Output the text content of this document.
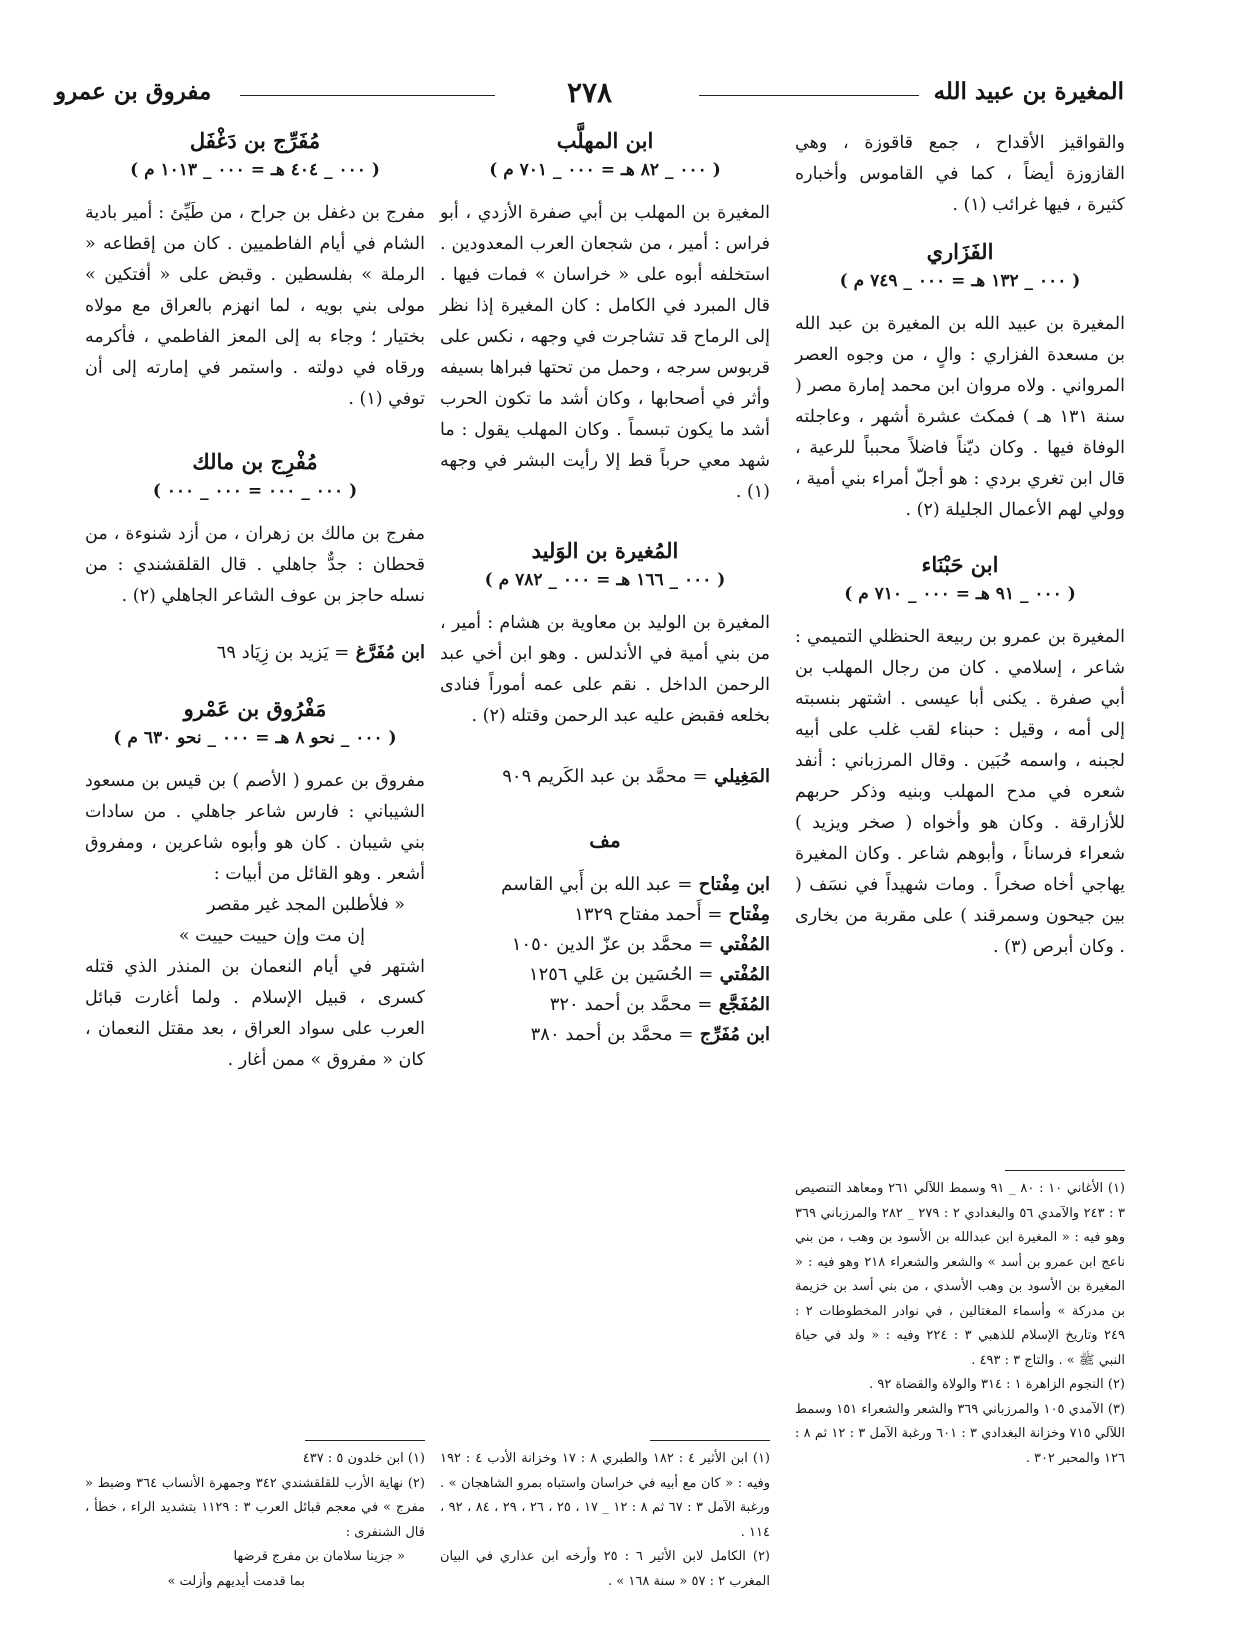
المغيرة بن عبيد الله
٢٧٨
مفروق بن عمرو

والقواقيز الأقداح ، جمع قاقوزة ، وهي القازوزة أيضاً ، كما في القاموس وأخباره كثيرة ، فيها غرائب (١) .

الفَزَاري
( ٠٠٠ _ ١٣٢ هـ = ٠٠٠ _ ٧٤٩ م )

المغيرة بن عبيد الله بن المغيرة بن عبد الله بن مسعدة الفزاري : والٍ ، من وجوه العصر المرواني . ولاه مروان ابن محمد إمارة مصر ( سنة ١٣١ هـ ) فمكث عشرة أشهر ، وعاجلته الوفاة فيها . وكان ديّناً فاضلاً محبباً للرعية ، قال ابن تغري بردي : هو أجلّ أمراء بني أمية ، وولي لهم الأعمال الجليلة (٢) .

ابن حَبْنَاء
( ٠٠٠ _ ٩١ هـ = ٠٠٠ _ ٧١٠ م )

المغيرة بن عمرو بن ربيعة الحنظلي التميمي : شاعر ، إسلامي . كان من رجال المهلب بن أبي صفرة . يكنى أبا عيسى . اشتهر بنسبته إلى أمه ، وقيل : حبناء لقب غلب على أبيه لجبنه ، واسمه حُبَين . وقال المرزباني : أنفد شعره في مدح المهلب وبنيه وذكر حربهم للأزارقة . وكان هو وأخواه ( صخر ويزيد ) شعراء فرساناً ، وأبوهم شاعر . وكان المغيرة يهاجي أخاه صخراً . ومات شهيداً في نسَف ( بين جيحون وسمرقند ) على مقربة من بخارى . وكان أبرص (٣) .

(١) الأغاني ١٠ : ٨٠ _ ٩١ وسمط اللآلي ٢٦١ ومعاهد التنصيص ٣ : ٢٤٣ والآمدي ٥٦ والبغدادي ٢ : ٢٧٩ _ ٢٨٢ والمرزباني ٣٦٩ وهو فيه : « المغيرة ابن عبدالله بن الأسود بن وهب ، من بني ناعج ابن عمرو بن أسد » والشعر والشعراء ٢١٨ وهو فيه : « المغيرة بن الأسود بن وهب الأسدي ، من بني أسد بن خزيمة بن مدركة » وأسماء المغتالين ، في نوادر المخطوطات ٢ : ٢٤٩ وتاريخ الإسلام للذهبي ٣ : ٢٢٤ وفيه : « ولد في حياة النبي ﷺ » . والتاج ٣ : ٤٩٣ .

(٢) النجوم الزاهرة ١ : ٣١٤ والولاة والقضاة ٩٢ .

(٣) الآمدي ١٠٥ والمرزباني ٣٦٩ والشعر والشعراء ١٥١ وسمط اللآلي ٧١٥ وخزانة البغدادي ٣ : ٦٠١ ورغبة الآمل ٣ : ١٢ ثم ٨ : ١٢٦ والمحبر ٣٠٢ .

ابن المهلَّب
( ٠٠٠ _ ٨٢ هـ = ٠٠٠ _ ٧٠١ م )

المغيرة بن المهلب بن أبي صفرة الأزدي ، أبو فراس : أمير ، من شجعان العرب المعدودين . استخلفه أبوه على « خراسان » فمات فيها . قال المبرد في الكامل : كان المغيرة إذا نظر إلى الرماح قد تشاجرت في وجهه ، نكس على قربوس سرجه ، وحمل من تحتها فبراها بسيفه وأثر في أصحابها ، وكان أشد ما تكون الحرب أشد ما يكون تبسماً . وكان المهلب يقول : ما شهد معي حرباً قط إلا رأيت البشر في وجهه (١) .

المُغيرة بن الوَليد
( ٠٠٠ _ ١٦٦ هـ = ٠٠٠ _ ٧٨٢ م )

المغيرة بن الوليد بن معاوية بن هشام : أمير ، من بني أمية في الأندلس . وهو ابن أخي عبد الرحمن الداخل . نقم على عمه أموراً فنادى بخلعه فقبض عليه عبد الرحمن وقتله (٢) .

المَغِيلي = محمَّد بن عبد الكَريم ٩٠٩

مف

ابن مِفْتاح = عبد الله بن أَبي القاسم

مِفْتاح = أَحمد مفتاح ١٣٢٩

المُفْتي = محمَّد بن عزّ الدين ١٠٥٠

المُفْتي = الحُسَين بن عَلي ١٢٥٦

المُفَجَّع = محمَّد بن أحمد ٣٢٠

ابن مُفَرِّج = محمَّد بن أحمد ٣٨٠

(١) ابن الأثير ٤ : ١٨٢ والطبري ٨ : ١٧ وخزانة الأدب ٤ : ١٩٢ وفيه : « كان مع أبيه في خراسان واستباه بمرو الشاهجان » . ورغبة الآمل ٣ : ٦٧ ثم ٨ : ١٢ _ ١٧ ، ٢٥ ، ٢٦ ، ٢٩ ، ٨٤ ، ٩٢ ، ١١٤ .

(٢) الكامل لابن الأثير ٦ : ٢٥ وأرخه ابن عذاري في البيان المغرب ٢ : ٥٧ « سنة ١٦٨ » .

مُفَرِّج بن دَغْفَل
( ٠٠٠ _ ٤٠٤ هـ = ٠٠٠ _ ١٠١٣ م )

مفرج بن دغفل بن جراح ، من طَيِّئ : أمير بادية الشام في أيام الفاطميين . كان من إقطاعه « الرملة » بفلسطين . وقبض على « أفتكين » مولى بني بويه ، لما انهزم بالعراق مع مولاه بختيار ؛ وجاء به إلى المعز الفاطمي ، فأكرمه ورقاه في دولته . واستمر في إمارته إلى أن توفي (١) .

مُفْرِج بن مالك
( ٠٠٠ _ ٠٠٠ = ٠٠٠ _ ٠٠٠ )

مفرج بن مالك بن زهران ، من أزد شنوءة ، من قحطان : جدٌّ جاهلي . قال القلقشندي : من نسله حاجز بن عوف الشاعر الجاهلي (٢) .

ابن مُفَرَّغ = يَزيد بن زِيَاد ٦٩

مَفْرُوق بن عَمْرو
( ٠٠٠ _ نحو ٨ هـ = ٠٠٠ _ نحو ٦٣٠ م )

مفروق بن عمرو ( الأصم ) بن قيس بن مسعود الشيباني : فارس شاعر جاهلي . من سادات بني شيبان . كان هو وأبوه شاعرين ، ومفروق أشعر . وهو القائل من أبيات :

« فلأطلبن المجد غير مقصر

إن مت وإن حييت حييت »

اشتهر في أيام النعمان بن المنذر الذي قتله كسرى ، قبيل الإسلام . ولما أغارت قبائل العرب على سواد العراق ، بعد مقتل النعمان ، كان « مفروق » ممن أغار .

(١) ابن خلدون ٥ : ٤٣٧

(٢) نهاية الأرب للقلقشندي ٣٤٢ وجمهرة الأنساب ٣٦٤ وضبط « مفرج » في معجم قبائل العرب ٣ : ١١٢٩ بتشديد الراء ، خطأ ، قال الشنفرى :

« جزينا سلامان بن مفرج قرضها

بما قدمت أيديهم وأزلت »
